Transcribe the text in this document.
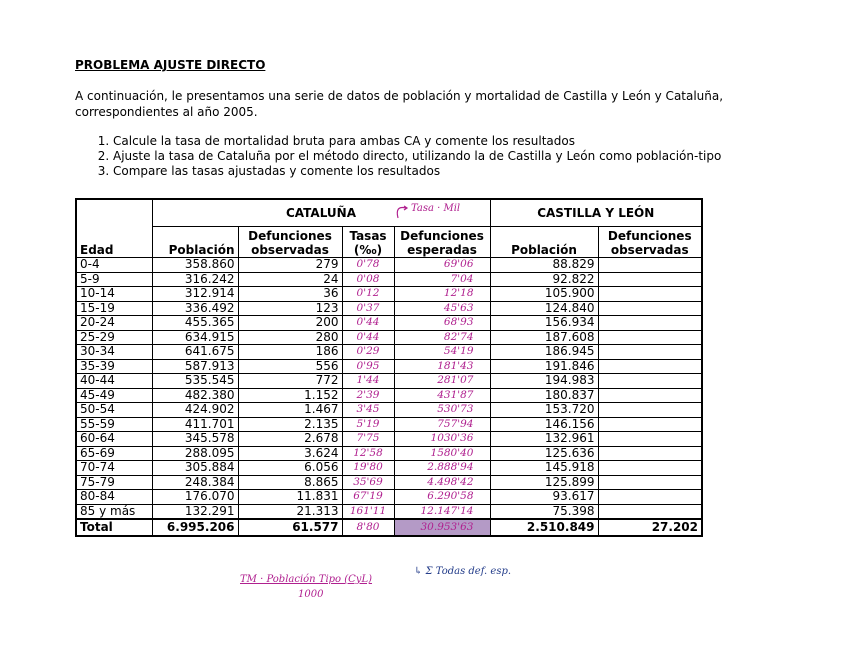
PROBLEMA AJUSTE DIRECTO

A continuación, le presentamos una serie de datos de población y mortalidad de Castilla y León y Cataluña, correspondientes al año 2005.

1. Calcule la tasa de mortalidad bruta para ambas CA y comente los resultados
2. Ajuste la tasa de Cataluña por el método directo, utilizando la de Castilla y León como población-tipo
3. Compare las tasas ajustadas y comente los resultados
Edad	CATALUÑA				CASTILLA Y LEÓN	
	Población	Defunciones observadas	Tasas (‰)	Defunciones esperadas	Población	Defunciones observadas
0-4	358.860	279	0'78	69'06	88.829	
5-9	316.242	24	0'08	7'04	92.822	
10-14	312.914	36	0'12	12'18	105.900	
15-19	336.492	123	0'37	45'63	124.840	
20-24	455.365	200	0'44	68'93	156.934	
25-29	634.915	280	0'44	82'74	187.608	
30-34	641.675	186	0'29	54'19	186.945	
35-39	587.913	556	0'95	181'43	191.846	
40-44	535.545	772	1'44	281'07	194.983	
45-49	482.380	1.152	2'39	431'87	180.837	
50-54	424.902	1.467	3'45	530'73	153.720	
55-59	411.701	2.135	5'19	757'94	146.156	
60-64	345.578	2.678	7'75	1030'36	132.961	
65-69	288.095	3.624	12'58	1580'40	125.636	
70-74	305.884	6.056	19'80	2.888'94	145.918	
75-79	248.384	8.865	35'69	4.498'42	125.899	
80-84	176.070	11.831	67'19	6.290'58	93.617	
85 y más	132.291	21.313	161'11	12.147'14	75.398	
Total	6.995.206	61.577	8'80	30.953'63	2.510.849	27.202
Tasa · Mil
TM · Población Tipo (CyL)
1000
↳ Σ Todas def. esp.
